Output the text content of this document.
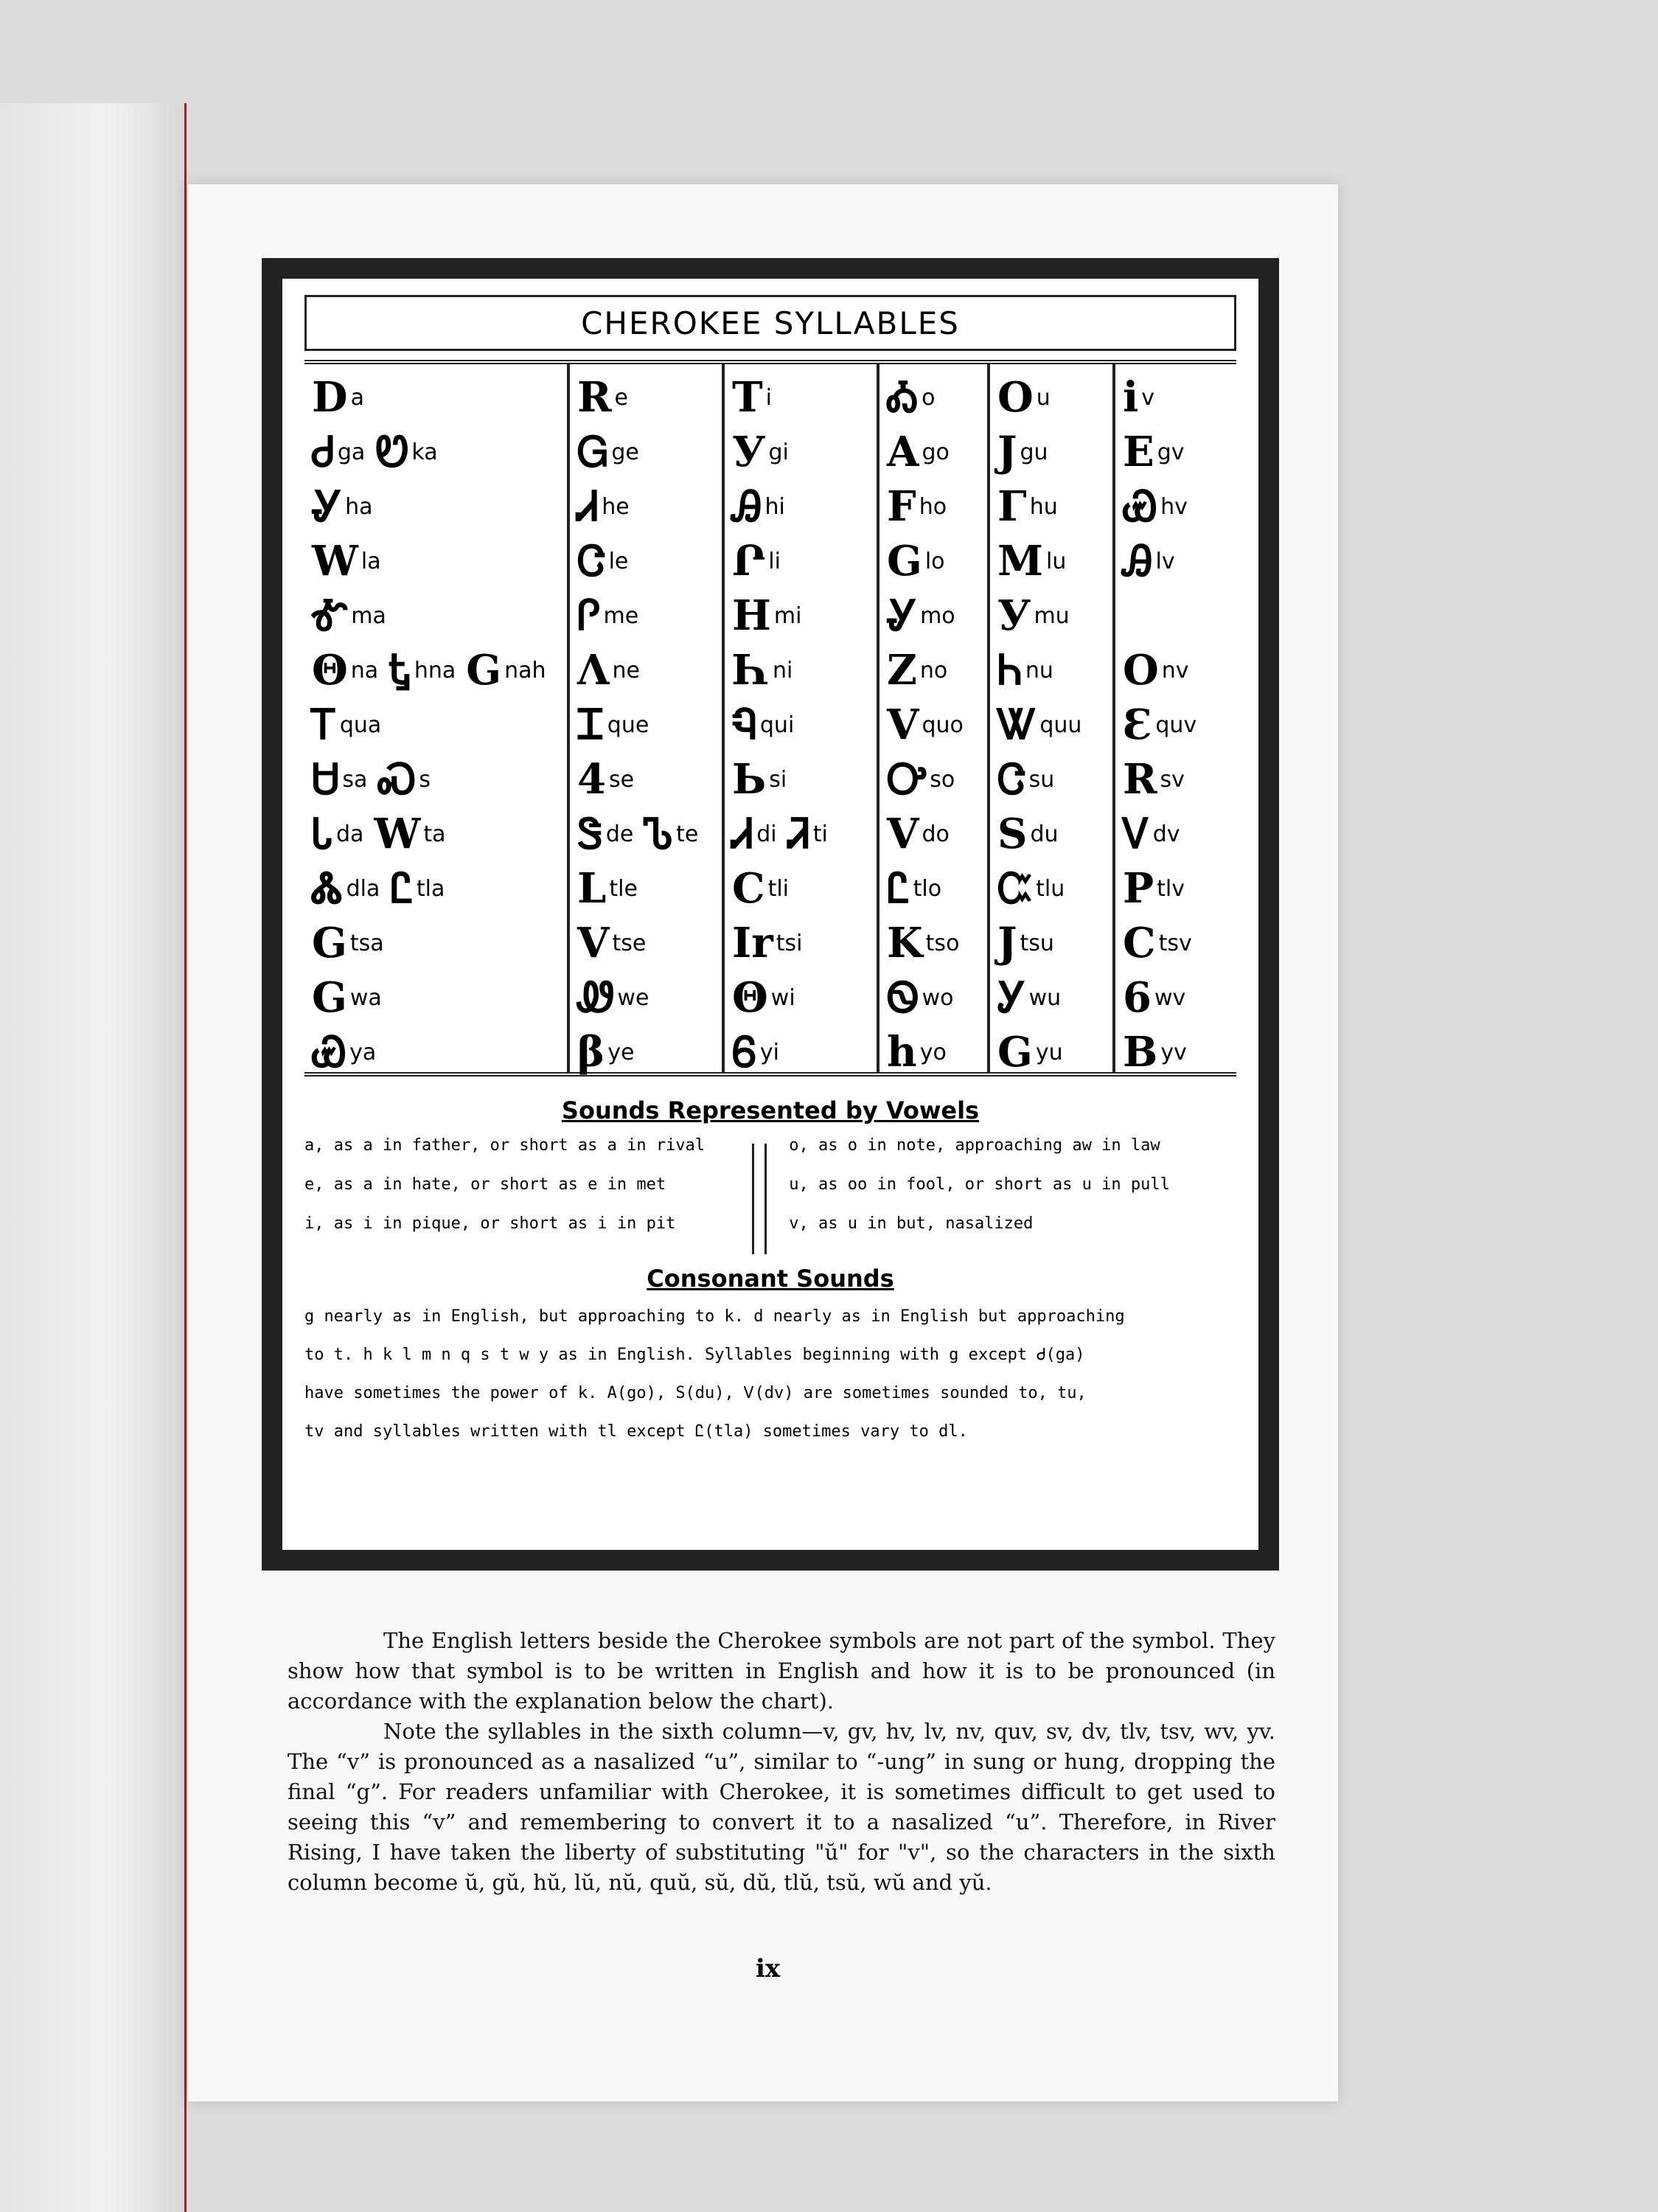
CHEROKEE SYLLABLES
D a
Ꮷ ga Ꮼ ka
Ꮍ ha
W la
Ꮉ ma
Θ na Ꮏ hna G nah
Ꭲ qua
Ꮜ sa Ꮝ s
Ꮣ da W ta
Ꮬ dla Ꮭ tla
G tsa
G wa
Ꮿ ya
R e
Ꮐ ge
Ꮧ he
Ꮳ le
Ꮅ me
Λ ne
Ꮖ que
4 se
Ꮥ de Ꮦ te
L tle
V tse
Ꮺ we
β ye
T i
У gi
Ꭿ hi
Ր li
H mi
Һ ni
Ꮔ qui
Ь si
Ꮧ di Ꮨ ti
C tli
Ir tsi
Θ wi
Ꮾ yi
Ꭳ o
A go
F ho
G lo
Ꮍ mo
Z no
V quo
Ꭴ so
V do
Ꮭ tlo
K tso
Ꮻ wo
h yo
O u
J gu
Γ hu
M lu
У mu
Ꮒ nu
Ꮤ quu
Ꮳ su
S du
Ꮸ tlu
J tsu
Ꭹ wu
G yu
i v
E gv
Ꮿ hv
Ꭿ lv
O nv
Ɛ quv
R sv
Ꮩ dv
P tlv
C tsv
6 wv
B yv
Sounds Represented by Vowels

a, as a in father, or short as a in rival

e, as a in hate, or short as e in met

i, as i in pique, or short as i in pit

o, as o in note, approaching aw in law

u, as oo in fool, or short as u in pull

v, as u in but, nasalized

Consonant Sounds

g nearly as in English, but approaching to k. d nearly as in English but approaching

to t. h k l m n q s t w y as in English. Syllables beginning with g except Ꮷ(ga)

have sometimes the power of k. A(go), S(du), Ꮩ(dv) are sometimes sounded to, tu,

tv and syllables written with tl except Ꮭ(tla) sometimes vary to dl.

The English letters beside the Cherokee symbols are not part of the symbol. They show how that symbol is to be written in English and how it is to be pronounced (in accordance with the explanation below the chart).

Note the syllables in the sixth column—v, gv, hv, lv, nv, quv, sv, dv, tlv, tsv, wv, yv. The “v” is pronounced as a nasalized “u”, similar to “-ung” in sung or hung, dropping the final “g”. For readers unfamiliar with Cherokee, it is sometimes difficult to get used to seeing this “v” and remembering to convert it to a nasalized “u”. Therefore, in River Rising, I have taken the liberty of substituting "ŭ" for "v", so the characters in the sixth column become ŭ, gŭ, hŭ, lŭ, nŭ, quŭ, sŭ, dŭ, tlŭ, tsŭ, wŭ and yŭ.

ix
